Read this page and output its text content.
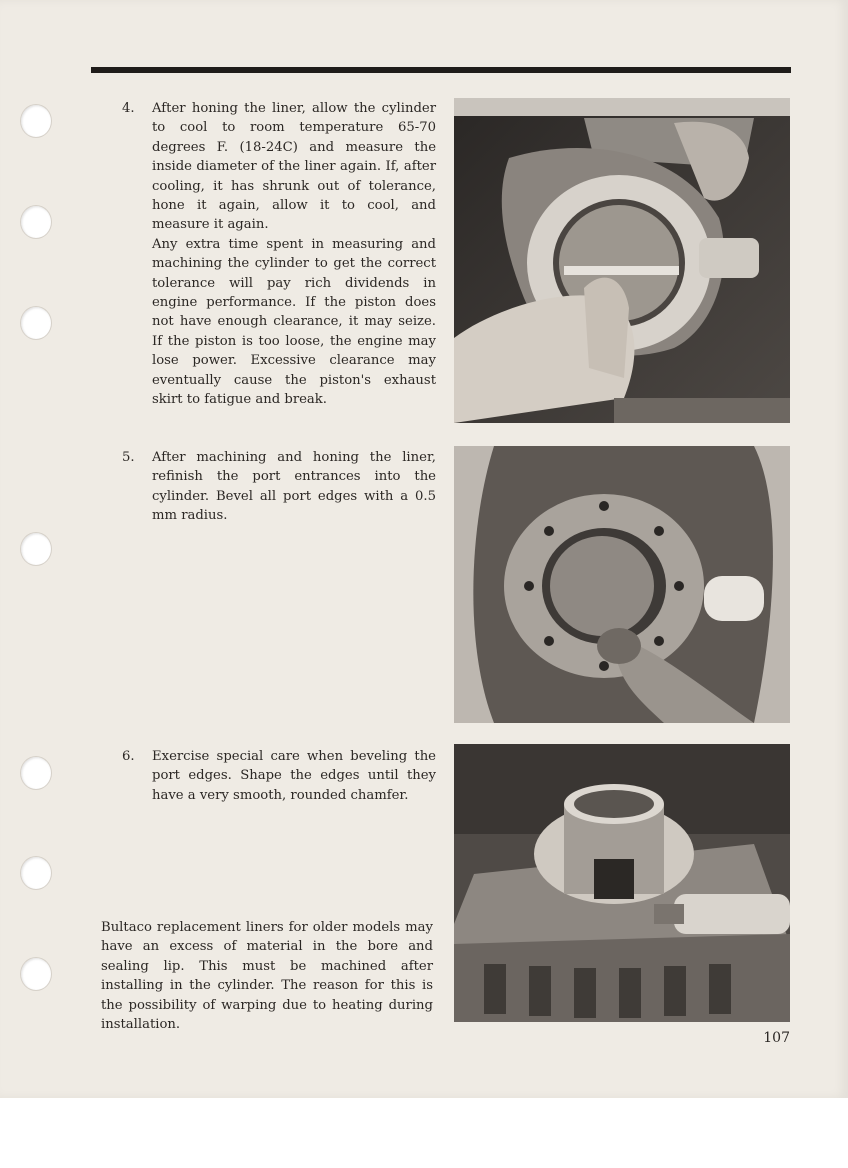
4.	After honing the liner, allow the cylinder to cool to room temperature 65-70 degrees F. (18-24C) and measure the inside diameter of the liner again. If, after cooling, it has shrunk out of tolerance, hone it again, allow it to cool, and measure it again.

Any extra time spent in measuring and machining the cylinder to get the correct tolerance will pay rich dividends in engine performance. If the piston does not have enough clearance, it may seize. If the piston is too loose, the engine may lose power. Excessive clearance may eventually cause the piston's exhaust skirt to fatigue and break.

5.	After machining and honing the liner, refinish the port entrances into the cylinder. Bevel all port edges with a 0.5 mm radius.

6.	Exercise special care when beveling the port edges. Shape the edges until they have a very smooth, rounded chamfer.

Bultaco replacement liners for older models may have an excess of material in the bore and sealing lip. This must be machined after installing in the cylinder. The reason for this is the possibility of warping due to heating during installation.
107
